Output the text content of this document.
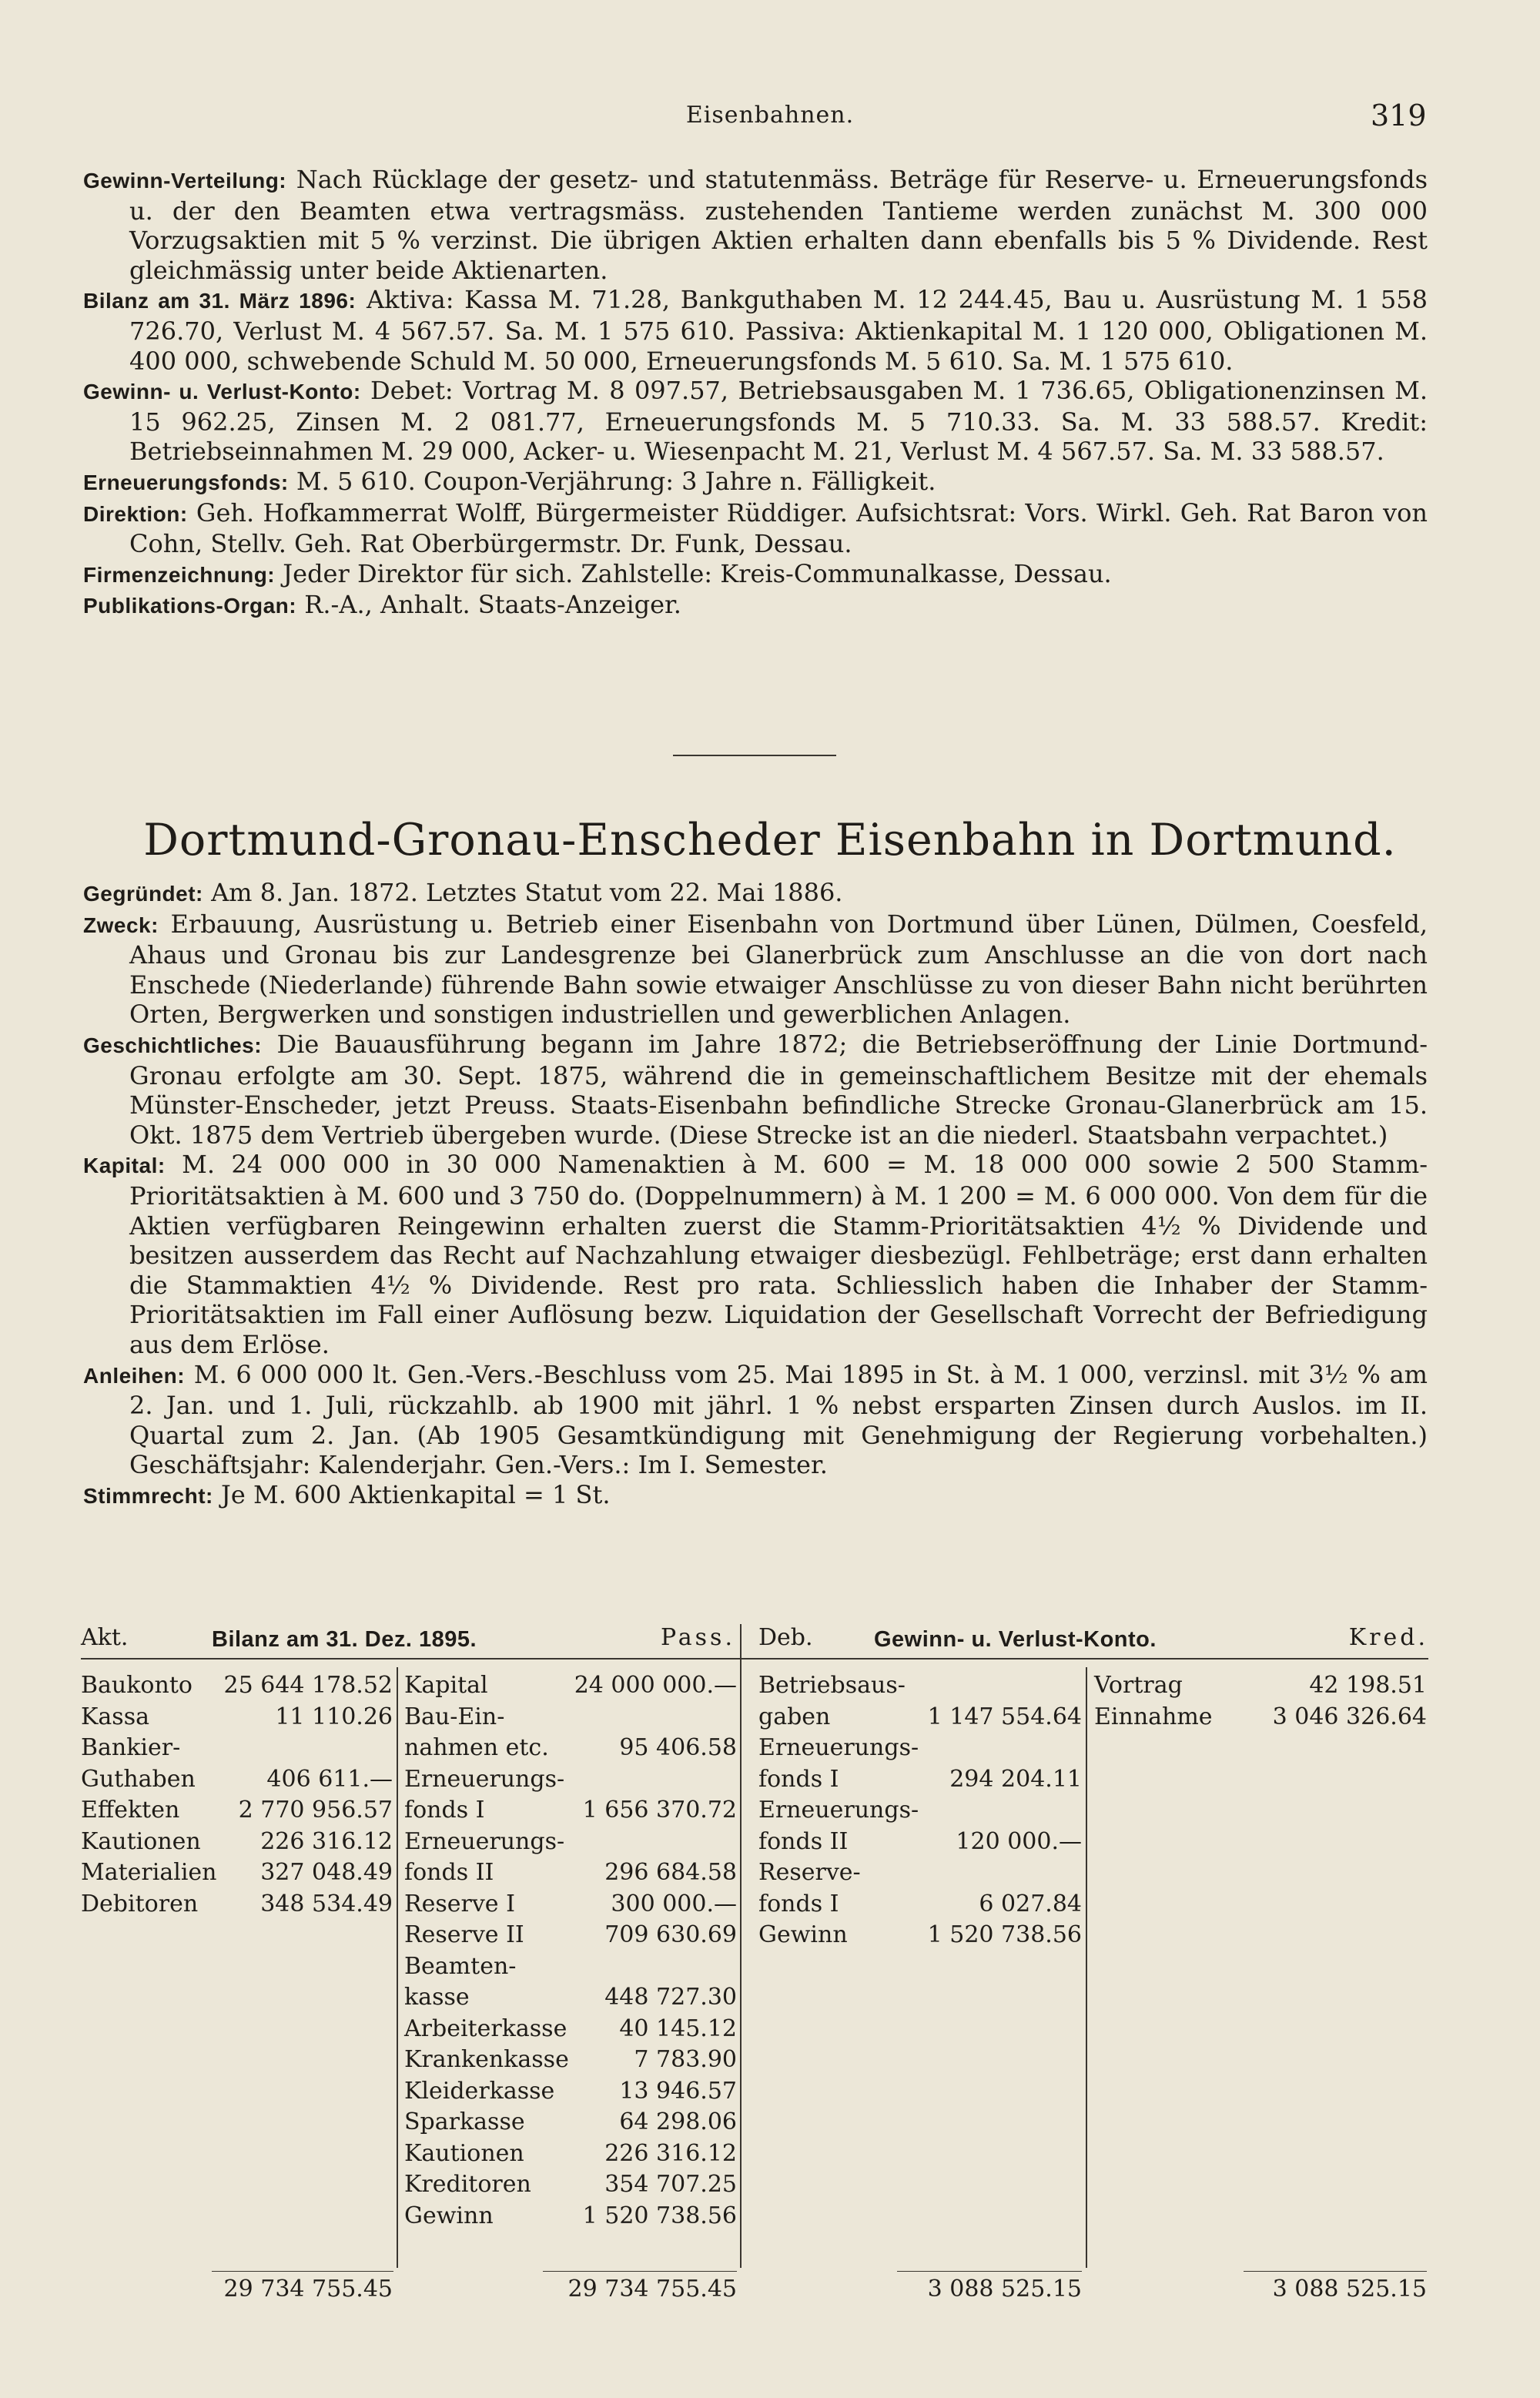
Eisenbahnen.	319

Gewinn-Verteilung: Nach Rücklage der gesetz- und statutenmäss. Beträge für Reserve- u. Erneuerungsfonds u. der den Beamten etwa vertragsmäss. zustehenden Tantieme werden zunächst M. 300 000 Vorzugsaktien mit 5 % verzinst. Die übrigen Aktien erhalten dann ebenfalls bis 5 % Dividende. Rest gleichmässig unter beide Aktienarten.

Bilanz am 31. März 1896: Aktiva: Kassa M. 71.28, Bankguthaben M. 12 244.45, Bau u. Ausrüstung M. 1 558 726.70, Verlust M. 4 567.57. Sa. M. 1 575 610. Passiva: Aktienkapital M. 1 120 000, Obligationen M. 400 000, schwebende Schuld M. 50 000, Erneuerungsfonds M. 5 610. Sa. M. 1 575 610.

Gewinn- u. Verlust-Konto: Debet: Vortrag M. 8 097.57, Betriebsausgaben M. 1 736.65, Obligationenzinsen M. 15 962.25, Zinsen M. 2 081.77, Erneuerungsfonds M. 5 710.33. Sa. M. 33 588.57. Kredit: Betriebseinnahmen M. 29 000, Acker- u. Wiesenpacht M. 21, Verlust M. 4 567.57. Sa. M. 33 588.57.

Erneuerungsfonds: M. 5 610. Coupon-Verjährung: 3 Jahre n. Fälligkeit.

Direktion: Geh. Hofkammerrat Wolff, Bürgermeister Rüddiger. Aufsichtsrat: Vors. Wirkl. Geh. Rat Baron von Cohn, Stellv. Geh. Rat Oberbürgermstr. Dr. Funk, Dessau.

Firmenzeichnung: Jeder Direktor für sich. Zahlstelle: Kreis-Communalkasse, Dessau.

Publikations-Organ: R.-A., Anhalt. Staats-Anzeiger.

Dortmund-Gronau-Enscheder Eisenbahn in Dortmund.

Gegründet: Am 8. Jan. 1872. Letztes Statut vom 22. Mai 1886.

Zweck: Erbauung, Ausrüstung u. Betrieb einer Eisenbahn von Dortmund über Lünen, Dülmen, Coesfeld, Ahaus und Gronau bis zur Landesgrenze bei Glanerbrück zum Anschlusse an die von dort nach Enschede (Niederlande) führende Bahn sowie etwaiger Anschlüsse zu von dieser Bahn nicht berührten Orten, Bergwerken und sonstigen industriellen und gewerblichen Anlagen.

Geschichtliches: Die Bauausführung begann im Jahre 1872; die Betriebseröffnung der Linie Dortmund-Gronau erfolgte am 30. Sept. 1875, während die in gemeinschaftlichem Besitze mit der ehemals Münster-Enscheder, jetzt Preuss. Staats-Eisenbahn befindliche Strecke Gronau-Glanerbrück am 15. Okt. 1875 dem Vertrieb übergeben wurde. (Diese Strecke ist an die niederl. Staatsbahn verpachtet.)

Kapital: M. 24 000 000 in 30 000 Namenaktien à M. 600 = M. 18 000 000 sowie 2 500 Stamm-Prioritätsaktien à M. 600 und 3 750 do. (Doppelnummern) à M. 1 200 = M. 6 000 000. Von dem für die Aktien verfügbaren Reingewinn erhalten zuerst die Stamm-Prioritätsaktien 4½ % Dividende und besitzen ausserdem das Recht auf Nachzahlung etwaiger diesbezügl. Fehlbeträge; erst dann erhalten die Stammaktien 4½ % Dividende. Rest pro rata. Schliesslich haben die Inhaber der Stamm-Prioritätsaktien im Fall einer Auflösung bezw. Liquidation der Gesellschaft Vorrecht der Befriedigung aus dem Erlöse.

Anleihen: M. 6 000 000 lt. Gen.-Vers.-Beschluss vom 25. Mai 1895 in St. à M. 1 000, verzinsl. mit 3½ % am 2. Jan. und 1. Juli, rückzahlb. ab 1900 mit jährl. 1 % nebst ersparten Zinsen durch Auslos. im II. Quartal zum 2. Jan. (Ab 1905 Gesamtkündigung mit Genehmigung der Regierung vorbehalten.) Geschäftsjahr: Kalenderjahr. Gen.-Vers.: Im I. Semester.

Stimmrecht: Je M. 600 Aktienkapital = 1 St.

Akt.	Bilanz am 31. Dez. 1895.	Pass. Deb.	Gewinn- u. Verlust-Konto.	Kred.
Baukonto 25 644 178.52
Kassa	11 110.26
Bankier-
Guthaben	406 611.—
Effekten	2 770 956.57
Kautionen	226 316.12
Materialien 327 048.49
Debitoren	348 534.49
Kapital	24 000 000.—
Bau-Ein-
nahmen etc.	95 406.58
Erneuerungs-
fonds I	1 656 370.72
Erneuerungs-
fonds II	296 684.58
Reserve I	300 000.—
Reserve II	709 630.69
Beamten-
kasse	448 727.30
Arbeiterkasse 40 145.12
Krankenkasse	7 783.90
Kleiderkasse	13 946.57
Sparkasse	64 298.06
Kautionen	226 316.12
Kreditoren	354 707.25
Gewinn	1 520 738.56
Betriebsaus-
gaben	1 147 554.64
Erneuerungs-
fonds I	294 204.11
Erneuerungs-
fonds II	120 000.—
Reserve-
fonds I	6 027.84
Gewinn	1 520 738.56
Vortrag	42 198.51
Einnahme	3 046 326.64
29 734 755.45	29 734 755.45	3 088 525.15	3 088 525.15
